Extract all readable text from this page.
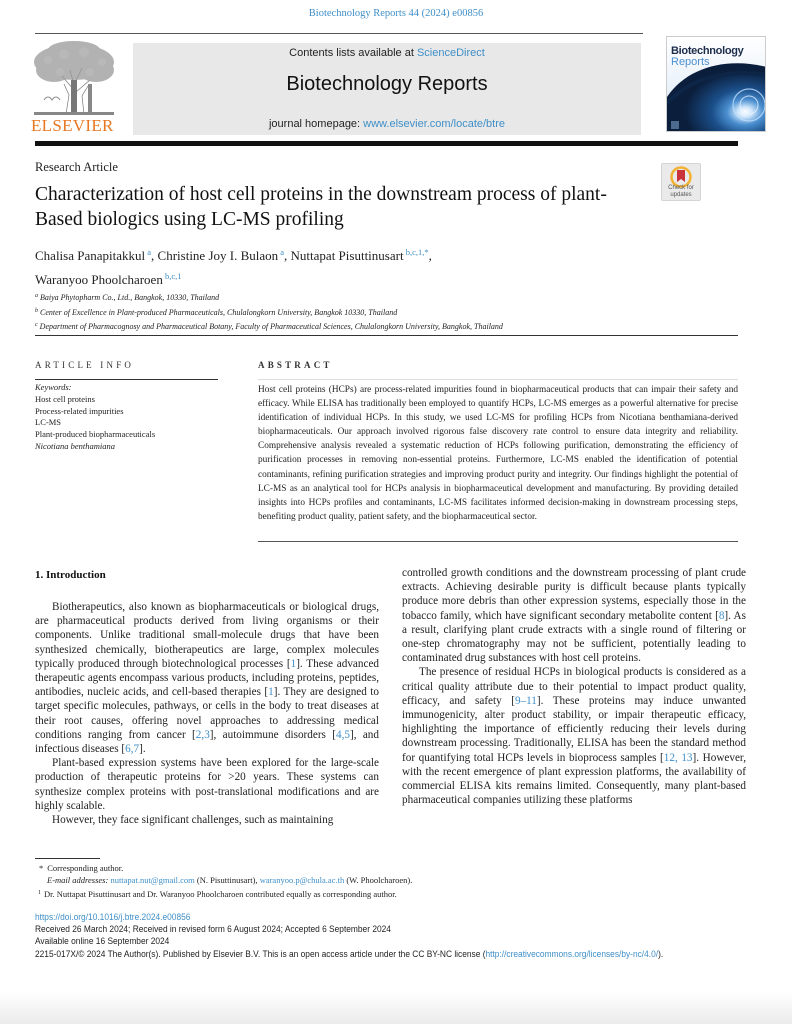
Biotechnology Reports 44 (2024) e00856
ELSEVIER
Contents lists available at ScienceDirect
Biotechnology Reports
journal homepage: www.elsevier.com/locate/btre
Biotechnology
Reports
Research Article
Characterization of host cell proteins in the downstream process of plant-Based biologics using LC-MS profiling
Check for
updates
Chalisa Panapitakkul $^a$, Christine Joy I. Bulaon $^a$, Nuttapat Pisuttinusart $^{b,c,1,*}$,
Waranyoo Phoolcharoen $^{b,c,1}$
$^a$ Baiya Phytopharm Co., Ltd., Bangkok, 10330, Thailand
$^b$ Center of Excellence in Plant-produced Pharmaceuticals, Chulalongkorn University, Bangkok 10330, Thailand
$^c$ Department of Pharmacognosy and Pharmaceutical Botany, Faculty of Pharmaceutical Sciences, Chulalongkorn University, Bangkok, Thailand
ARTICLE INFO
Keywords:
Host cell proteins
Process-related impurities
LC-MS
Plant-produced biopharmaceuticals
Nicotiana benthamiana
ABSTRACT

Host cell proteins (HCPs) are process-related impurities found in biopharmaceutical products that can impair their safety and efficacy. While ELISA has traditionally been employed to quantify HCPs, LC-MS emerges as a powerful alternative for precise identification of individual HCPs. In this study, we used LC-MS for profiling HCPs from Nicotiana benthamiana-derived biopharmaceuticals. Our approach involved rigorous false discovery rate control to ensure data integrity and reliability. Comprehensive analysis revealed a systematic reduction of HCPs following purification, demonstrating the efficiency of purification processes in removing non-essential proteins. Furthermore, LC-MS enabled the identification of potential contaminants, refining purification strategies and improving product purity and integrity. Our findings highlight the potential of LC-MS as an analytical tool for HCPs analysis in biopharmaceutical development and manufacturing. By providing detailed insights into HCPs profiles and contaminants, LC-MS facilitates informed decision-making in downstream processing steps, benefiting product quality, patient safety, and the biopharmaceutical sector.

1. Introduction

Biotherapeutics, also known as biopharmaceuticals or biological drugs, are pharmaceutical products derived from living organisms or their components. Unlike traditional small-molecule drugs that have been synthesized chemically, biotherapeutics are large, complex molecules typically produced through biotechnological processes [1]. These advanced therapeutic agents encompass various products, including proteins, peptides, antibodies, nucleic acids, and cell-based therapies [1]. They are designed to target specific molecules, pathways, or cells in the body to treat diseases at their root causes, offering novel approaches to addressing medical conditions ranging from cancer [2,3], autoimmune disorders [4,5], and infectious diseases [6,7].

Plant-based expression systems have been explored for the large-scale production of therapeutic proteins for >20 years. These systems can synthesize complex proteins with post-translational modifications and are highly scalable.

However, they face significant challenges, such as maintaining

controlled growth conditions and the downstream processing of plant crude extracts. Achieving desirable purity is difficult because plants typically produce more debris than other expression systems, especially those in the tobacco family, which have significant secondary metabolite content [8]. As a result, clarifying plant crude extracts with a single round of filtering or one-step chromatography may not be sufficient, potentially leading to contaminated drug substances with host cell proteins.

The presence of residual HCPs in biological products is considered as a critical quality attribute due to their potential to impact product quality, efficacy, and safety [9–11]. These proteins may induce unwanted immunogenicity, alter product stability, or impair therapeutic efficacy, highlighting the importance of efficiently reducing their levels during downstream processing. Traditionally, ELISA has been the standard method for quantifying total HCPs levels in bioprocess samples [12, 13]. However, with the recent emergence of plant expression platforms, the availability of commercial ELISA kits remains limited. Consequently, many plant-based pharmaceutical companies utilizing these platforms

* Corresponding author.
E-mail addresses: nuttapat.nut@gmail.com (N. Pisuttinusart), waranyoo.p@chula.ac.th (W. Phoolcharoen).
$^1$ Dr. Nuttapat Pisuttinusart and Dr. Waranyoo Phoolcharoen contributed equally as corresponding author.
https://doi.org/10.1016/j.btre.2024.e00856
Received 26 March 2024; Received in revised form 6 August 2024; Accepted 6 September 2024
Available online 16 September 2024
2215-017X/© 2024 The Author(s). Published by Elsevier B.V. This is an open access article under the CC BY-NC license (http://creativecommons.org/licenses/by-nc/4.0/).
